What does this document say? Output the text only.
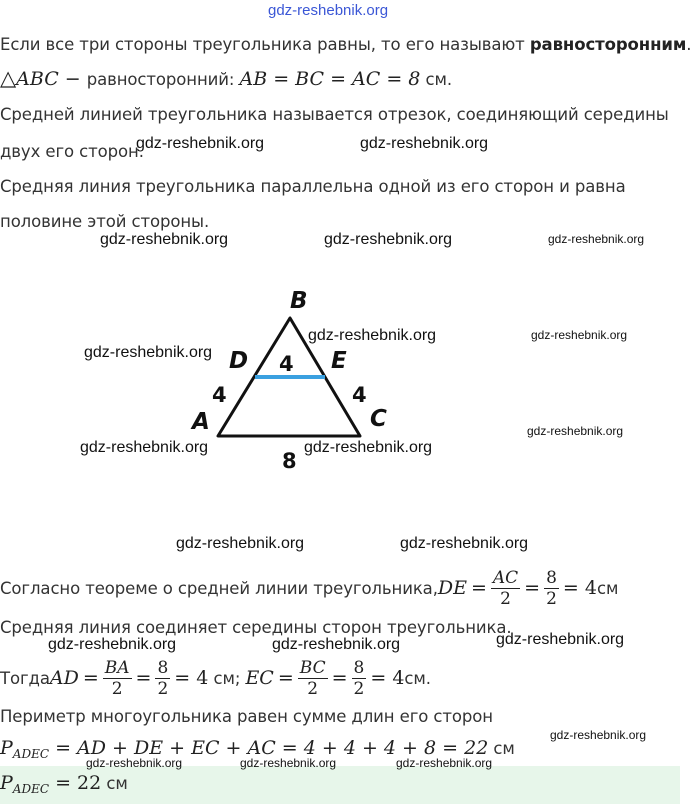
gdz-reshebnik.org
Если все три стороны треугольника равны, то его называют равносторонним.
△ABC − равносторонний: AB = BC = AC = 8 см.
Средней линией треугольника называется отрезок, соединяющий середины
двух его сторон.
gdz-reshebnik.org	gdz-reshebnik.org
Средняя линия треугольника параллельна одной из его сторон и равна
половине этой стороны.
gdz-reshebnik.org	gdz-reshebnik.org	gdz-reshebnik.org
B
D	E
A	C
4
4	4
8
gdz-reshebnik.org	gdz-reshebnik.org
gdz-reshebnik.org
gdz-reshebnik.org
gdz-reshebnik.org	gdz-reshebnik.org
gdz-reshebnik.org	gdz-reshebnik.org
Согласно теореме о средней линии треугольника, DE = $\frac{AC}{2} = \frac{8}{2} = 4$ см
Средняя линия соединяет середины сторон треугольника.
gdz-reshebnik.org	gdz-reshebnik.org	gdz-reshebnik.org
Тогда AD = $\frac{BA}{2} = \frac{8}{2} = 4$ см; EC = $\frac{BC}{2} = \frac{8}{2} = 4$ см.
Периметр многоугольника равен сумме длин его сторон
$P_{ADEC}$ = AD + DE + EC + AC = 4 + 4 + 4 + 8 = 22 см
gdz-reshebnik.org
gdz-reshebnik.org	gdz-reshebnik.org	gdz-reshebnik.org
$P_{ADEC} = 22$ см
